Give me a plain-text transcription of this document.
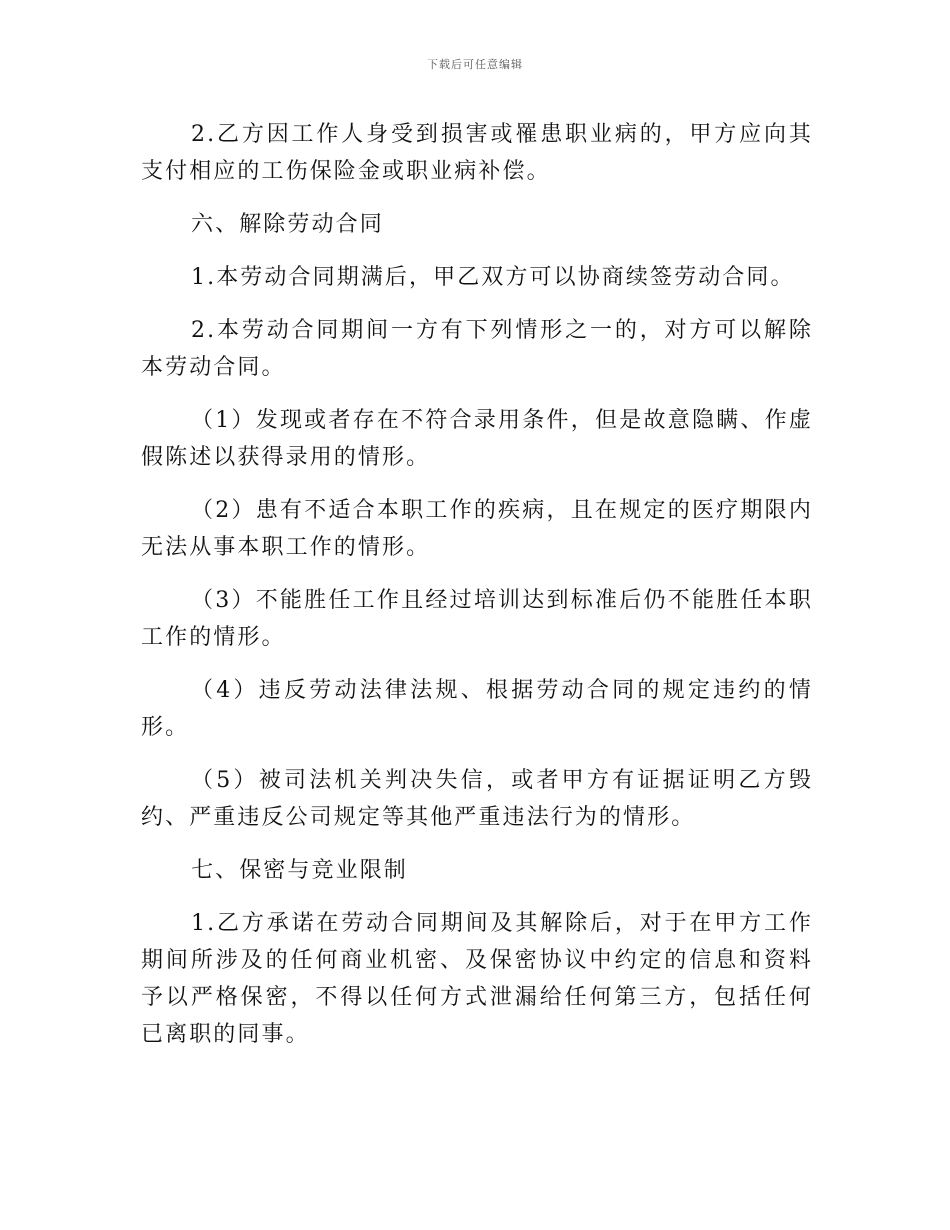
下载后可任意编辑

2.乙方因工作人身受到损害或罹患职业病的，甲方应向其支付相应的工伤保险金或职业病补偿。

六、解除劳动合同

1.本劳动合同期满后，甲乙双方可以协商续签劳动合同。

2.本劳动合同期间一方有下列情形之一的，对方可以解除本劳动合同。

（1）发现或者存在不符合录用条件，但是故意隐瞒、作虚假陈述以获得录用的情形。

（2）患有不适合本职工作的疾病，且在规定的医疗期限内无法从事本职工作的情形。

（3）不能胜任工作且经过培训达到标准后仍不能胜任本职工作的情形。

（4）违反劳动法律法规、根据劳动合同的规定违约的情形。

（5）被司法机关判决失信，或者甲方有证据证明乙方毁约、严重违反公司规定等其他严重违法行为的情形。

七、保密与竞业限制

1.乙方承诺在劳动合同期间及其解除后，对于在甲方工作期间所涉及的任何商业机密、及保密协议中约定的信息和资料予以严格保密，不得以任何方式泄漏给任何第三方，包括任何已离职的同事。
